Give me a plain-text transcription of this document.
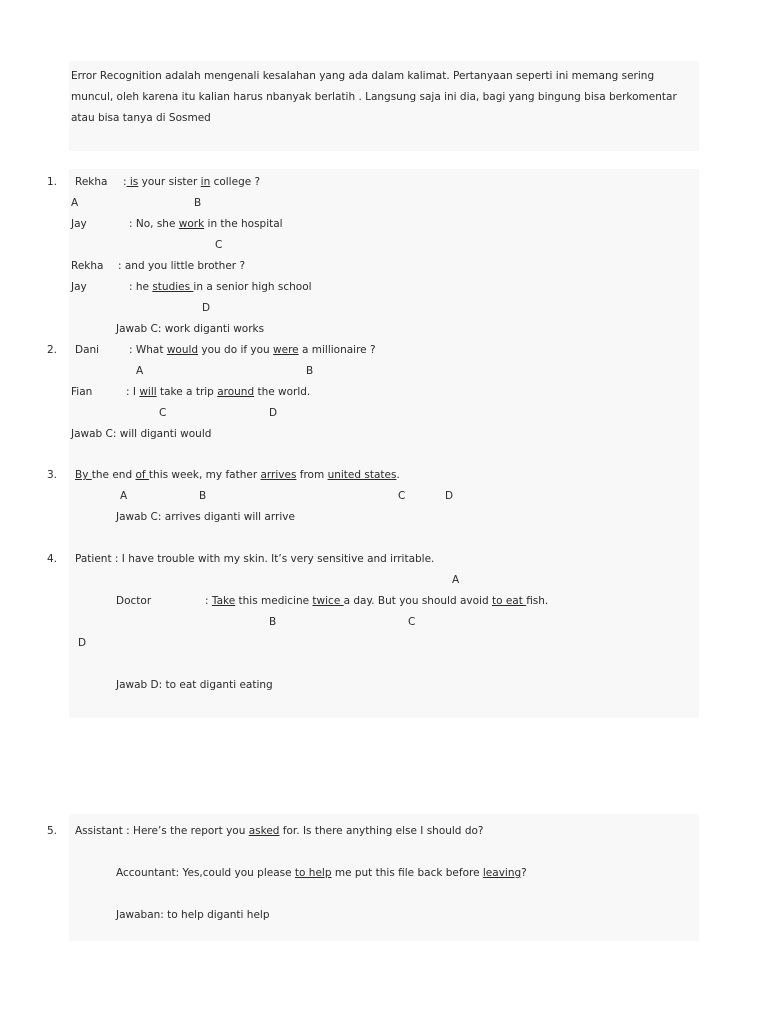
Error Recognition adalah mengenali kesalahan yang ada dalam kalimat. Pertanyaan seperti ini memang sering muncul, oleh karena itu kalian harus nbanyak berlatih . Langsung saja ini dia, bagi yang bingung bisa berkomentar atau bisa tanya di Sosmed
1. Rekha : is your sister in college ?
A	B
Jay	: No, she work in the hospital
C
Rekha : and you little brother ?
Jay	: he studies in a senior high school
D
Jawab C: work diganti works
2. Dani	: What would you do if you were a millionaire ?
A	B
Fian	: I will take a trip around the world.
C	D
Jawab C: will diganti would
3. By the end of this week, my father arrives from united states.
A	B	C	D
Jawab C: arrives diganti will arrive
4. Patient : I have trouble with my skin. It’s very sensitive and irritable.
A
Doctor	: Take this medicine twice a day. But you should avoid to eat fish.
B	C
D
Jawab D: to eat diganti eating
5. Assistant : Here’s the report you asked for. Is there anything else I should do?
Accountant: Yes,could you please to help me put this file back before leaving?
Jawaban: to help diganti help
